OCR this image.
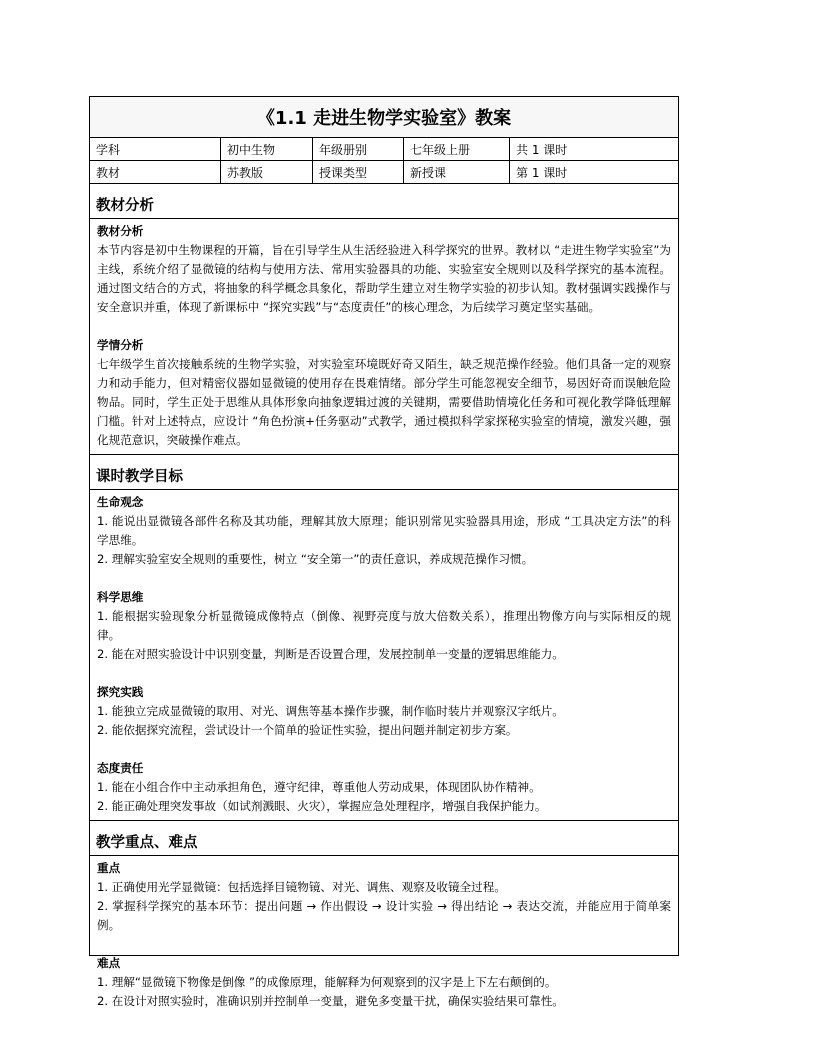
《1.1 走进生物学实验室》教案
学科	初中生物	年级册别	七年级上册	共 1 课时
教材	苏教版	授课类型	新授课	第 1 课时
教材分析
教材分析
本节内容是初中生物课程的开篇，旨在引导学生从生活经验进入科学探究的世界。教材以 “走进生物学实验室”为主线，系统介绍了显微镜的结构与使用方法、常用实验器具的功能、实验室安全规则以及科学探究的基本流程。通过图文结合的方式，将抽象的科学概念具象化，帮助学生建立对生物学实验的初步认知。教材强调实践操作与安全意识并重，体现了新课标中 “探究实践”与“态度责任”的核心理念，为后续学习奠定坚实基础。
学情分析
七年级学生首次接触系统的生物学实验，对实验室环境既好奇又陌生，缺乏规范操作经验。他们具备一定的观察力和动手能力，但对精密仪器如显微镜的使用存在畏难情绪。部分学生可能忽视安全细节，易因好奇而误触危险物品。同时，学生正处于思维从具体形象向抽象逻辑过渡的关键期，需要借助情境化任务和可视化教学降低理解门槛。针对上述特点，应设计 “角色扮演+任务驱动”式教学，通过模拟科学家探秘实验室的情境，激发兴趣，强化规范意识，突破操作难点。
课时教学目标
生命观念
1. 能说出显微镜各部件名称及其功能，理解其放大原理；能识别常见实验器具用途，形成 “工具决定方法”的科学思维。
2. 理解实验室安全规则的重要性，树立 “安全第一”的责任意识，养成规范操作习惯。
科学思维
1. 能根据实验现象分析显微镜成像特点（倒像、视野亮度与放大倍数关系），推理出物像方向与实际相反的规律。
2. 能在对照实验设计中识别变量，判断是否设置合理，发展控制单一变量的逻辑思维能力。
探究实践
1. 能独立完成显微镜的取用、对光、调焦等基本操作步骤，制作临时装片并观察汉字纸片。
2. 能依据探究流程，尝试设计一个简单的验证性实验，提出问题并制定初步方案。
态度责任
1. 能在小组合作中主动承担角色，遵守纪律，尊重他人劳动成果，体现团队协作精神。
2. 能正确处理突发事故（如试剂溅眼、火灾），掌握应急处理程序，增强自我保护能力。
教学重点、难点
重点
1. 正确使用光学显微镜：包括选择目镜物镜、对光、调焦、观察及收镜全过程。
2. 掌握科学探究的基本环节：提出问题 → 作出假设 → 设计实验 → 得出结论 → 表达交流，并能应用于简单案例。
难点
1. 理解“显微镜下物像是倒像 ”的成像原理，能解释为何观察到的汉字是上下左右颠倒的。
2. 在设计对照实验时，准确识别并控制单一变量，避免多变量干扰，确保实验结果可靠性。
